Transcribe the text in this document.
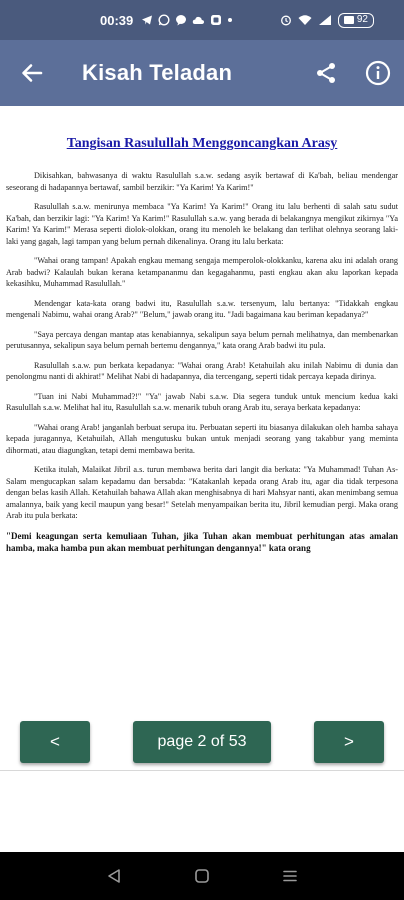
00:39	92
Kisah Teladan
Tangisan Rasulullah Menggoncangkan Arasy

Dikisahkan, bahwasanya di waktu Rasulullah s.a.w. sedang asyik bertawaf di Ka'bah, beliau mendengar seseorang di hadapannya bertawaf, sambil berzikir: "Ya Karim! Ya Karim!"

Rasulullah s.a.w. menirunya membaca "Ya Karim! Ya Karim!" Orang itu lalu berhenti di salah satu sudut Ka'bah, dan berzikir lagi: "Ya Karim! Ya Karim!" Rasulullah s.a.w. yang berada di belakangnya mengikut zikirnya "Ya Karim! Ya Karim!" Merasa seperti diolok-olokkan, orang itu menoleh ke belakang dan terlihat olehnya seorang laki-laki yang gagah, lagi tampan yang belum pernah dikenalinya. Orang itu lalu berkata:

"Wahai orang tampan! Apakah engkau memang sengaja memperolok-olokkanku, karena aku ini adalah orang Arab badwi? Kalaulah bukan kerana ketampananmu dan kegagahanmu, pasti engkau akan aku laporkan kepada kekasihku, Muhammad Rasulullah."

Mendengar kata-kata orang badwi itu, Rasulullah s.a.w. tersenyum, lalu bertanya: "Tidakkah engkau mengenali Nabimu, wahai orang Arab?" "Belum," jawab orang itu. "Jadi bagaimana kau beriman kepadanya?"

"Saya percaya dengan mantap atas kenabiannya, sekalipun saya belum pernah melihatnya, dan membenarkan perutusannya, sekalipun saya belum pernah bertemu dengannya," kata orang Arab badwi itu pula.

Rasulullah s.a.w. pun berkata kepadanya: "Wahai orang Arab! Ketahuilah aku inilah Nabimu di dunia dan penolongmu nanti di akhirat!" Melihat Nabi di hadapannya, dia tercengang, seperti tidak percaya kepada dirinya.

"Tuan ini Nabi Muhammad?!" "Ya" jawab Nabi s.a.w. Dia segera tunduk untuk mencium kedua kaki Rasulullah s.a.w. Melihat hal itu, Rasulullah s.a.w. menarik tubuh orang Arab itu, seraya berkata kepadanya:

"Wahai orang Arab! janganlah berbuat serupa itu. Perbuatan seperti itu biasanya dilakukan oleh hamba sahaya kepada juragannya, Ketahuilah, Allah mengutusku bukan untuk menjadi seorang yang takabbur yang meminta dihormati, atau diagungkan, tetapi demi membawa berita.

Ketika itulah, Malaikat Jibril a.s. turun membawa berita dari langit dia berkata: "Ya Muhammad! Tuhan As-Salam mengucapkan salam kepadamu dan bersabda: "Katakanlah kepada orang Arab itu, agar dia tidak terpesona dengan belas kasih Allah. Ketahuilah bahawa Allah akan menghisabnya di hari Mahsyar nanti, akan menimbang semua amalannya, baik yang kecil maupun yang besar!" Setelah menyampaikan berita itu, Jibril kemudian pergi. Maka orang Arab itu pula berkata:

"Demi keagungan serta kemuliaan Tuhan, jika Tuhan akan membuat perhitungan atas amalan hamba, maka hamba pun akan membuat perhitungan dengannya!" kata orang

<	page 2 of 53	>
